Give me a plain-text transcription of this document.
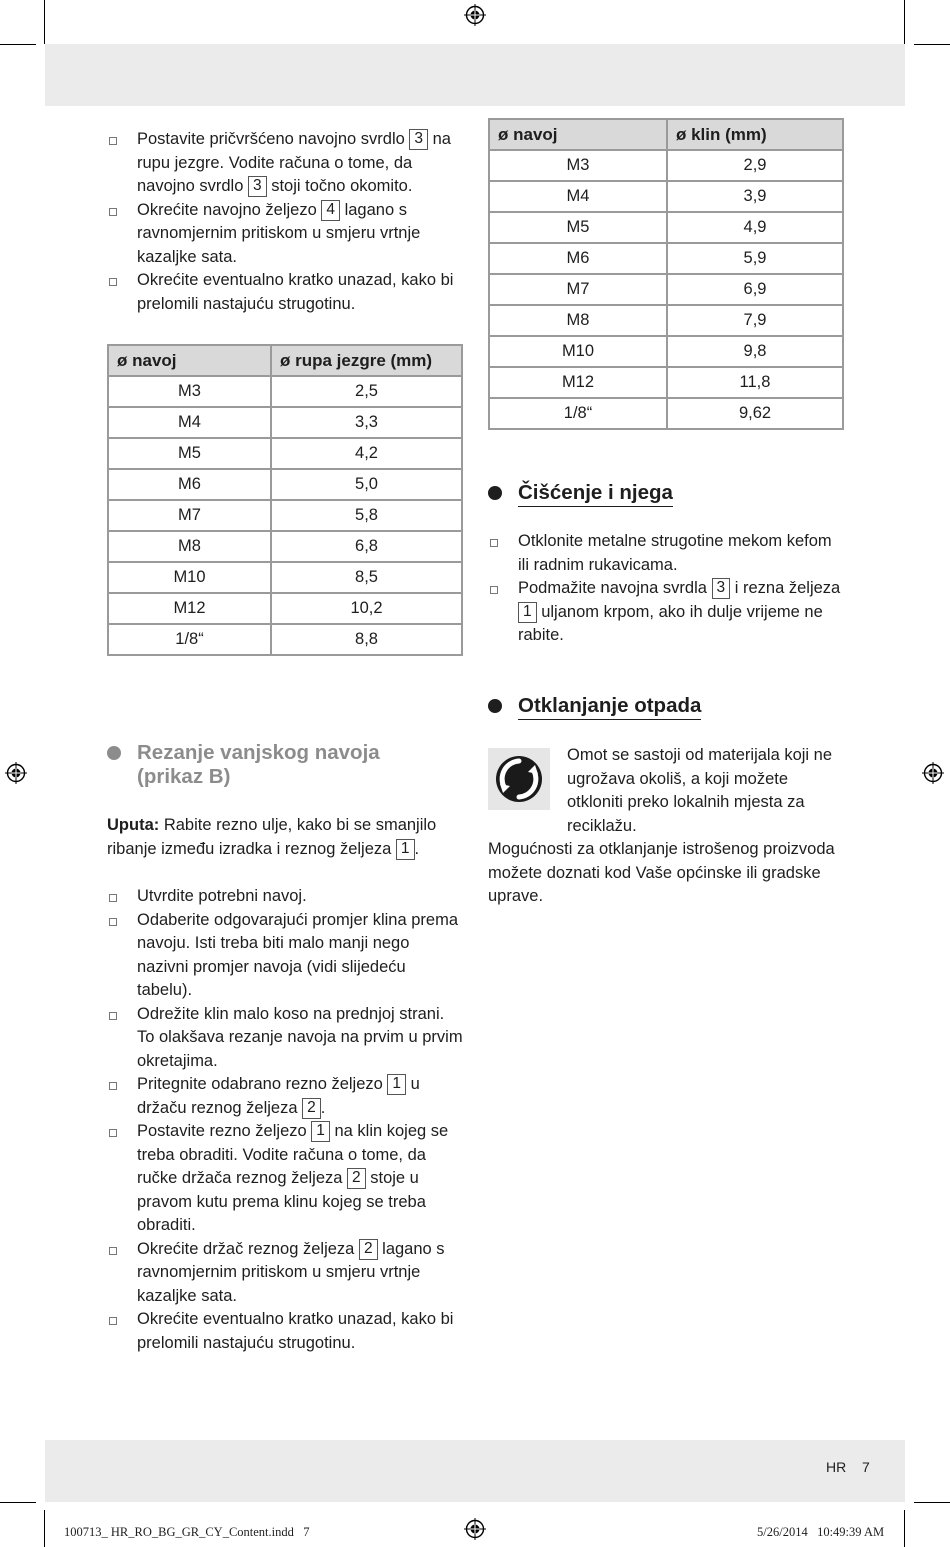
Postavite pričvršćeno navojno svrdlo 3 na rupu jezgre. Vodite računa o tome, da navojno svrdlo 3 stoji točno okomito.
Okrećite navojno željezo 4 lagano s ravnomjernim pritiskom u smjeru vrtnje kazaljke sata.
Okrećite eventualno kratko unazad, kako bi prelomili nastajuću strugotinu.
ø navoj	ø rupa jezgre (mm)
M3	2,5
M4	3,3
M5	4,2
M6	5,0
M7	5,8
M8	6,8
M10	8,5
M12	10,2
1/8“	8,8
Rezanje vanjskog navoja
(prikaz B)

Uputa: Rabite rezno ulje, kako bi se smanjilo ribanje između izradka i reznog željeza 1 .

Utvrdite potrebni navoj.
Odaberite odgovarajući promjer klina prema navoju. Isti treba biti malo manji nego nazivni promjer navoja (vidi slijedeću tabelu).
Odrežite klin malo koso na prednjoj strani. To olakšava rezanje navoja na prvim u prvim okretajima.
Pritegnite odabrano rezno željezo 1 u držaču reznog željeza 2 .
Postavite rezno željezo 1 na klin kojeg se treba obraditi. Vodite računa o tome, da ručke držača reznog željeza 2 stoje u pravom kutu prema klinu kojeg se treba obraditi.
Okrećite držač reznog željeza 2 lagano s ravnomjernim pritiskom u smjeru vrtnje kazaljke sata.
Okrećite eventualno kratko unazad, kako bi prelomili nastajuću strugotinu.
ø navoj	ø klin (mm)
M3	2,9
M4	3,9
M5	4,9
M6	5,9
M7	6,9
M8	7,9
M10	9,8
M12	11,8
1/8“	9,62
Čišćenje i njega
Otklonite metalne strugotine mekom kefom ili radnim rukavicama.
Podmažite navojna svrdla 3 i rezna željeza 1 uljanom krpom, ako ih dulje vrijeme ne rabite.
Otklanjanje otpada

Omot se sastoji od materijala koji ne ugrožava okoliš, a koji možete otkloniti preko lokalnih mjesta za reciklažu.

Mogućnosti za otklanjanje istrošenog proizvoda možete doznati kod Vaše općinske ili gradske uprave.

HR 7
100713_ HR_RO_BG_GR_CY_Content.indd   7	5/26/2014   10:49:39 AM
